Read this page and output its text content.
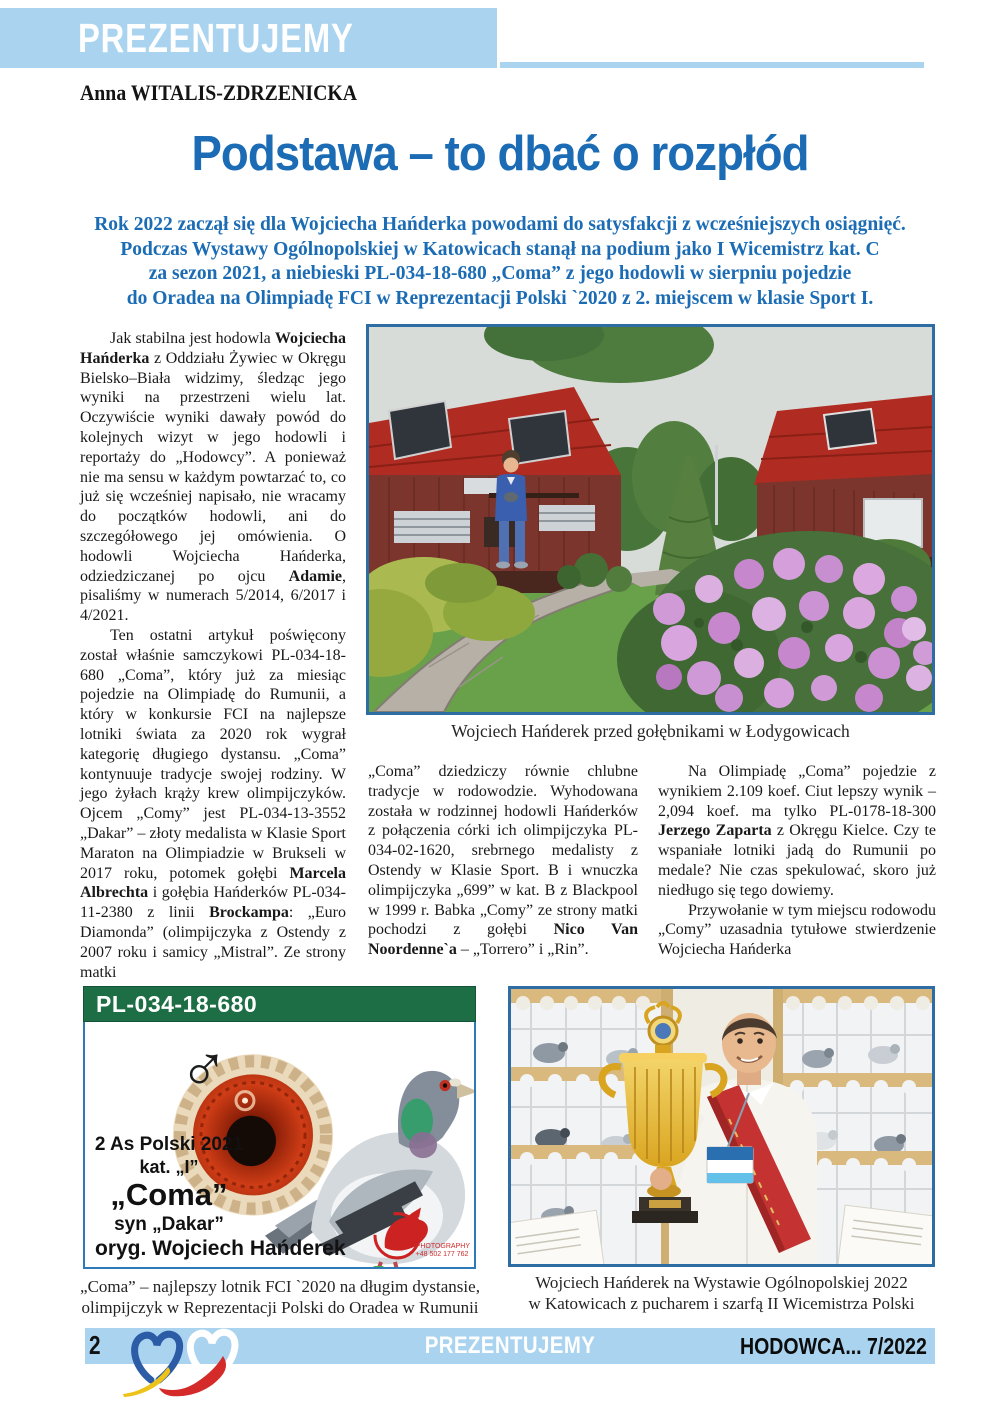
PREZENTUJEMY
Anna WITALIS-ZDRZENICKA
Podstawa – to dbać o rozpłód
Rok 2022 zaczął się dla Wojciecha Hańderka powodami do satysfakcji z wcześniejszych osiągnięć.
Podczas Wystawy Ogólnopolskiej w Katowicach stanął na podium jako I Wicemistrz kat. C
za sezon 2021, a niebieski PL-034-18-680 „Coma” z jego hodowli w sierpniu pojedzie
do Oradea na Olimpiadę FCI w Reprezentacji Polski `2020 z 2. miejscem w klasie Sport I.

Jak stabilna jest hodowla Wojciecha Hańderka z Oddziału Żywiec w Okręgu Bielsko–Biała widzimy, śledząc jego wyniki na przestrzeni wielu lat. Oczywiście wyniki dawały powód do kolejnych wizyt w jego hodowli i reportaży do „Hodowcy”. A ponieważ nie ma sensu w każdym powtarzać to, co już się wcześniej napisało, nie wracamy do początków hodowli, ani do szczegółowego jej omówienia. O hodowli Wojciecha Hańderka, odziedziczanej po ojcu Adamie, pisaliśmy w numerach 5/2014, 6/2017 i 4/2021.

Ten ostatni artykuł poświęcony został właśnie samczykowi PL-034-18-680 „Coma”, który już za miesiąc pojedzie na Olimpiadę do Rumunii, a który w konkursie FCI na najlepsze lotniki świata za 2020 rok wygrał kategorię długiego dystansu. „Coma” kontynuuje tradycje swojej rodziny. W jego żyłach krąży krew olimpijczyków. Ojcem „Comy” jest PL-034-13-3552 „Dakar” – złoty medalista w Klasie Sport Maraton na Olimpiadzie w Brukseli w 2017 roku, potomek gołębi Marcela Albrechta i gołębia Hańderków PL-034-11-2380 z linii Brockampa: „Euro Diamonda” (olimpijczyka z Ostendy z 2007 roku i samicy „Mistral”. Ze strony matki

Wojciech Hańderek przed gołębnikami w Łodygowicach

„Coma” dziedziczy równie chlubne tradycje w rodowodzie. Wyhodowana została w rodzinnej hodowli Hańderków z połączenia córki ich olimpijczyka PL-034-02-1620, srebrnego medalisty z Ostendy w Klasie Sport. B i wnuczka olimpijczyka „699” w kat. B z Blackpool w 1999 r. Babka „Comy” ze strony matki pochodzi z gołębi Nico Van Noordenne`a – „Torrero” i „Rin”.

Na Olimpiadę „Coma” pojedzie z wynikiem 2.109 koef. Ciut lepszy wynik – 2,094 koef. ma tylko PL-0178-18-300 Jerzego Zaparta z Okręgu Kielce. Czy te wspaniałe lotniki jadą do Rumunii po medale? Nie czas spekulować, skoro już niedługo się tego dowiemy.

Przywołanie w tym miejscu rodowodu „Comy” uzasadnia tytułowe stwierdzenie Wojciecha Hańderka

PL-034-18-680
♂
2 As Polski 2021
kat. „I”
„Coma”
syn „Dakar”
oryg. Wojciech Hańderek	PHOTOGRAPHY
+48 502 177 762
„Coma” – najlepszy lotnik FCI `2020 na długim dystansie,
olimpijczyk w Reprezentacji Polski do Oradea w Rumunii
Wojciech Hańderek na Wystawie Ogólnopolskiej 2022
w Katowicach z pucharem i szarfą II Wicemistrza Polski
2	PREZENTUJEMY	HODOWCA... 7/2022
